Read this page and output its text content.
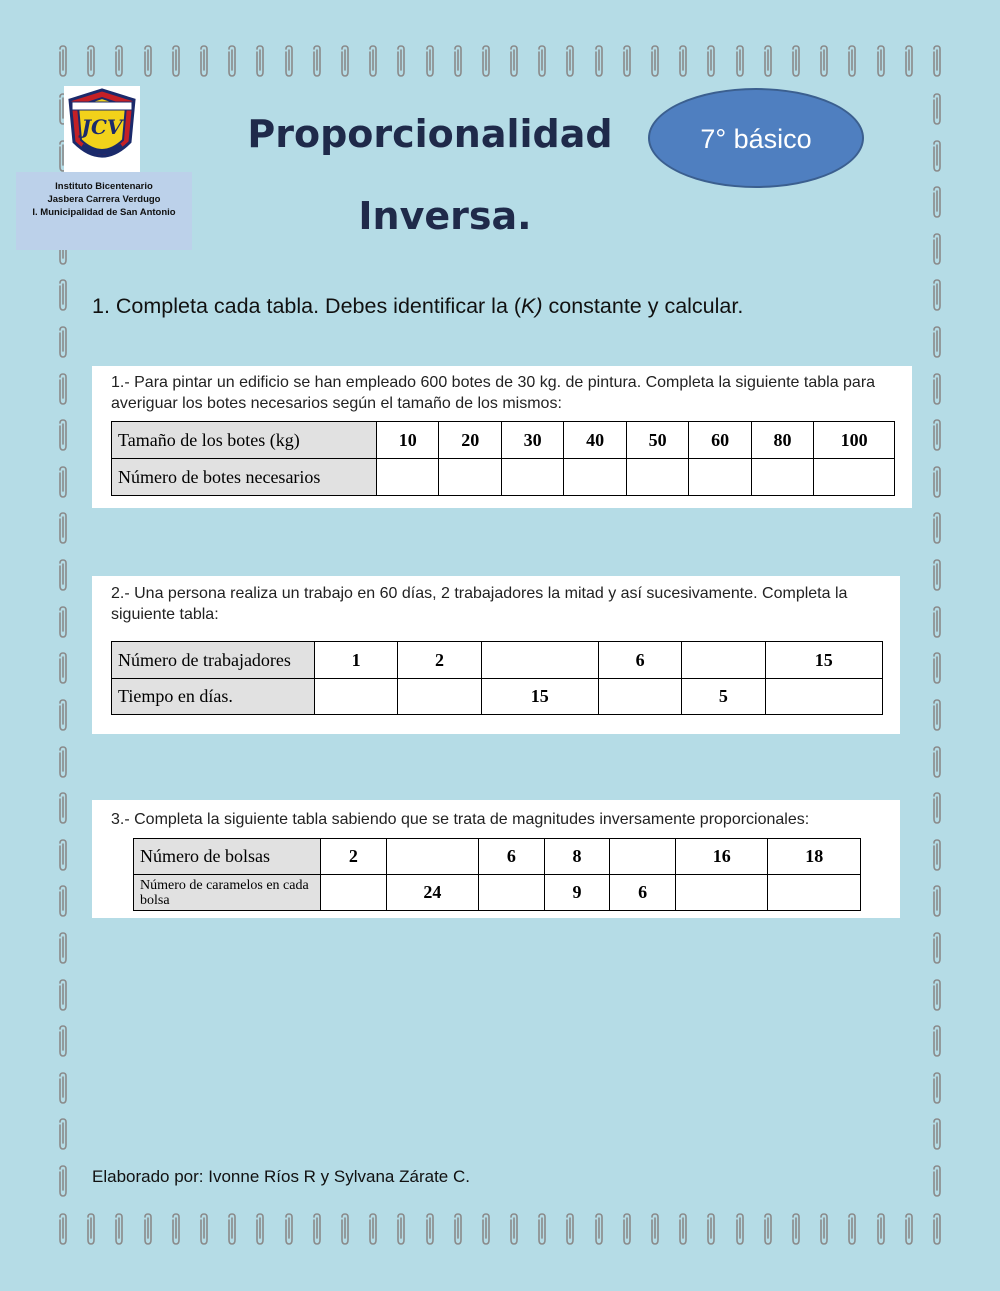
JCV
Instituto Bicentenario
Jasbera Carrera Verdugo
I. Municipalidad de San Antonio
Proporcionalidad
Inversa.
7° básico
1. Completa cada tabla. Debes identificar la (K) constante y calcular.
1.- Para pintar un edificio se han empleado 600 botes de 30 kg. de pintura. Completa la siguiente tabla para averiguar los botes necesarios según el tamaño de los mismos:
Tamaño de los botes (kg)	10	20	30	40	50	60	80	100
Número de botes necesarios								
2.- Una persona realiza un trabajo en 60 días, 2 trabajadores la mitad y así sucesivamente. Completa la siguiente tabla:
Número de trabajadores	1	2		6		15
Tiempo en días.			15		5	
3.- Completa la siguiente tabla sabiendo que se trata de magnitudes inversamente proporcionales:
Número de bolsas	2		6	8		16	18
Número de caramelos en cada bolsa		24		9	6		
Elaborado por: Ivonne Ríos R y Sylvana Zárate C.
